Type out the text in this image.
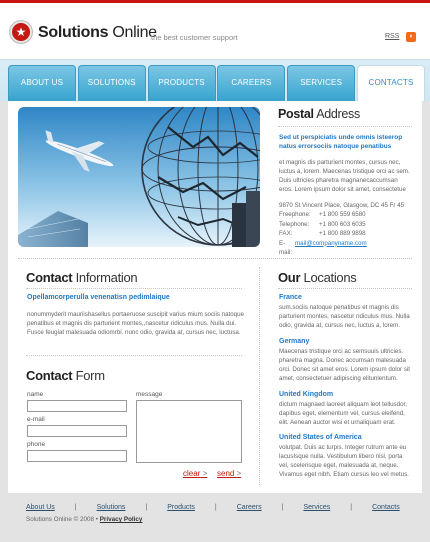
★ Solutions Online
the best customer support	RSS	◗
ABOUT US	SOLUTIONS	PRODUCTS	CAREERS	SERVICES	CONTACTS
Postal Address
Sed ut perspiciatis unde omnis isteerop
natus errorsociis natoque penatibus
et magnis dis parturient montes, cursus nec,
luctus a, lorem. Maecenas tristique orci ac sem.
Duis ultricies pharetra magnanecaccumsan
eros. Lorem ipsum dolor sit amet, consectetue
9870 St Vincent Place, Glasgow, DC 45 Fr 45
Freephone:	+1 800 559 6580
Telephone:	+1 800 603 6035
FAX:	+1 800 889 9898
E-mail:
mail@companyname.com
Contact Information
Opellamcorperulla venenatisn pedimlaique
nonummyderit mauriishasellus portaeruose suscipit varius mium sociis natoque
penatibus et magnis dis parturient montes,,nascetur ridiculus mus. Nulla dui.
Fusce feugiat malesuada odiomrbi. nunc odio, gravida at, cursus nec, luctusa.
Contact Form
name
e-mail
phone
message
clear > send >
Our Locations
France
sum.sociis natoque penatibus et magnis dis
parturient montes, nascetur ridiculus mus. Nulla
odio, gravida at, cursus nec, luctus a, lorem.
Germany
Maecenas tristique orci ac semsuuis ultricies.
pharetra magna. Donec accumsan malesuada
orci. Donec sit amet eros. Lorem ipsum dolor sit
amet, consectetuer adipiscing elitunlentum.
United Kingdom
dictum magnaed laoreet aliquam leot tellusdor,
dapibus eget, elementum vel, cursus eleifend,
elit. Aenean auctor wisi et urnaliquam erat.
United States of America
volutpat. Duis ac turpis. Integer rutrum ante eu
lacusIsque nulla. Vestibulum libero nisl, porta
vel, scelerisque eget, malesuada at, neque.
Vivamus eget nibh. Etiam cursus leo vel metus.
About Us	|	Solutions	|	Products	|	Careers	|	Services	|	Contacts
Solutions Online © 2008 • Privacy Policy
